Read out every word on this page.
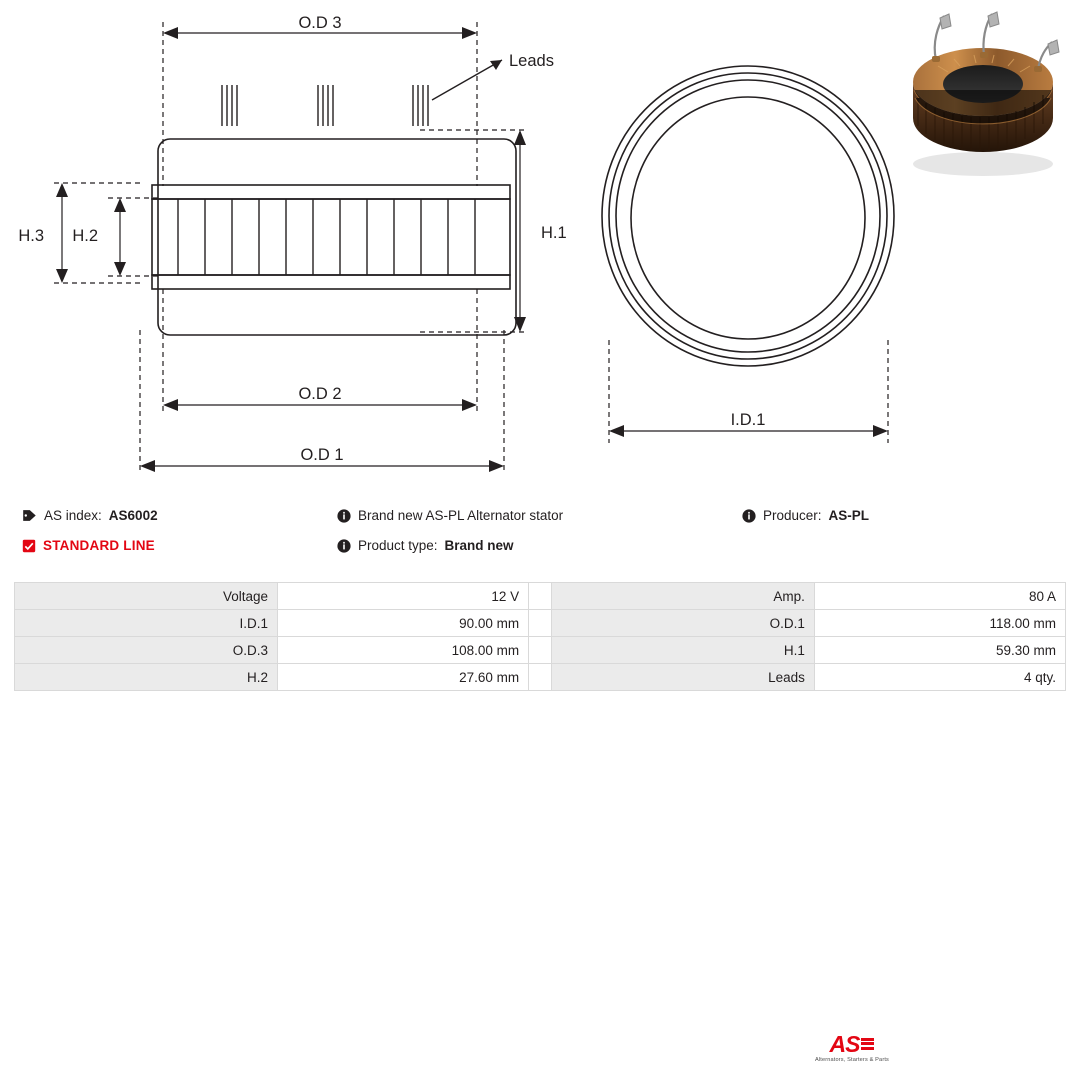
O.D 3
O.D 2
O.D 1
Leads
H.1
H.2
H.3
I.D.1
AS index: AS6002	Brand new AS-PL Alternator stator	Producer: AS-PL
STANDARD LINE	Product type: Brand new
AS
Alternators, Starters & Parts
Voltage	12 V		Amp.	80 A
I.D.1	90.00 mm		O.D.1	118.00 mm
O.D.3	108.00 mm		H.1	59.30 mm
H.2	27.60 mm		Leads	4 qty.
